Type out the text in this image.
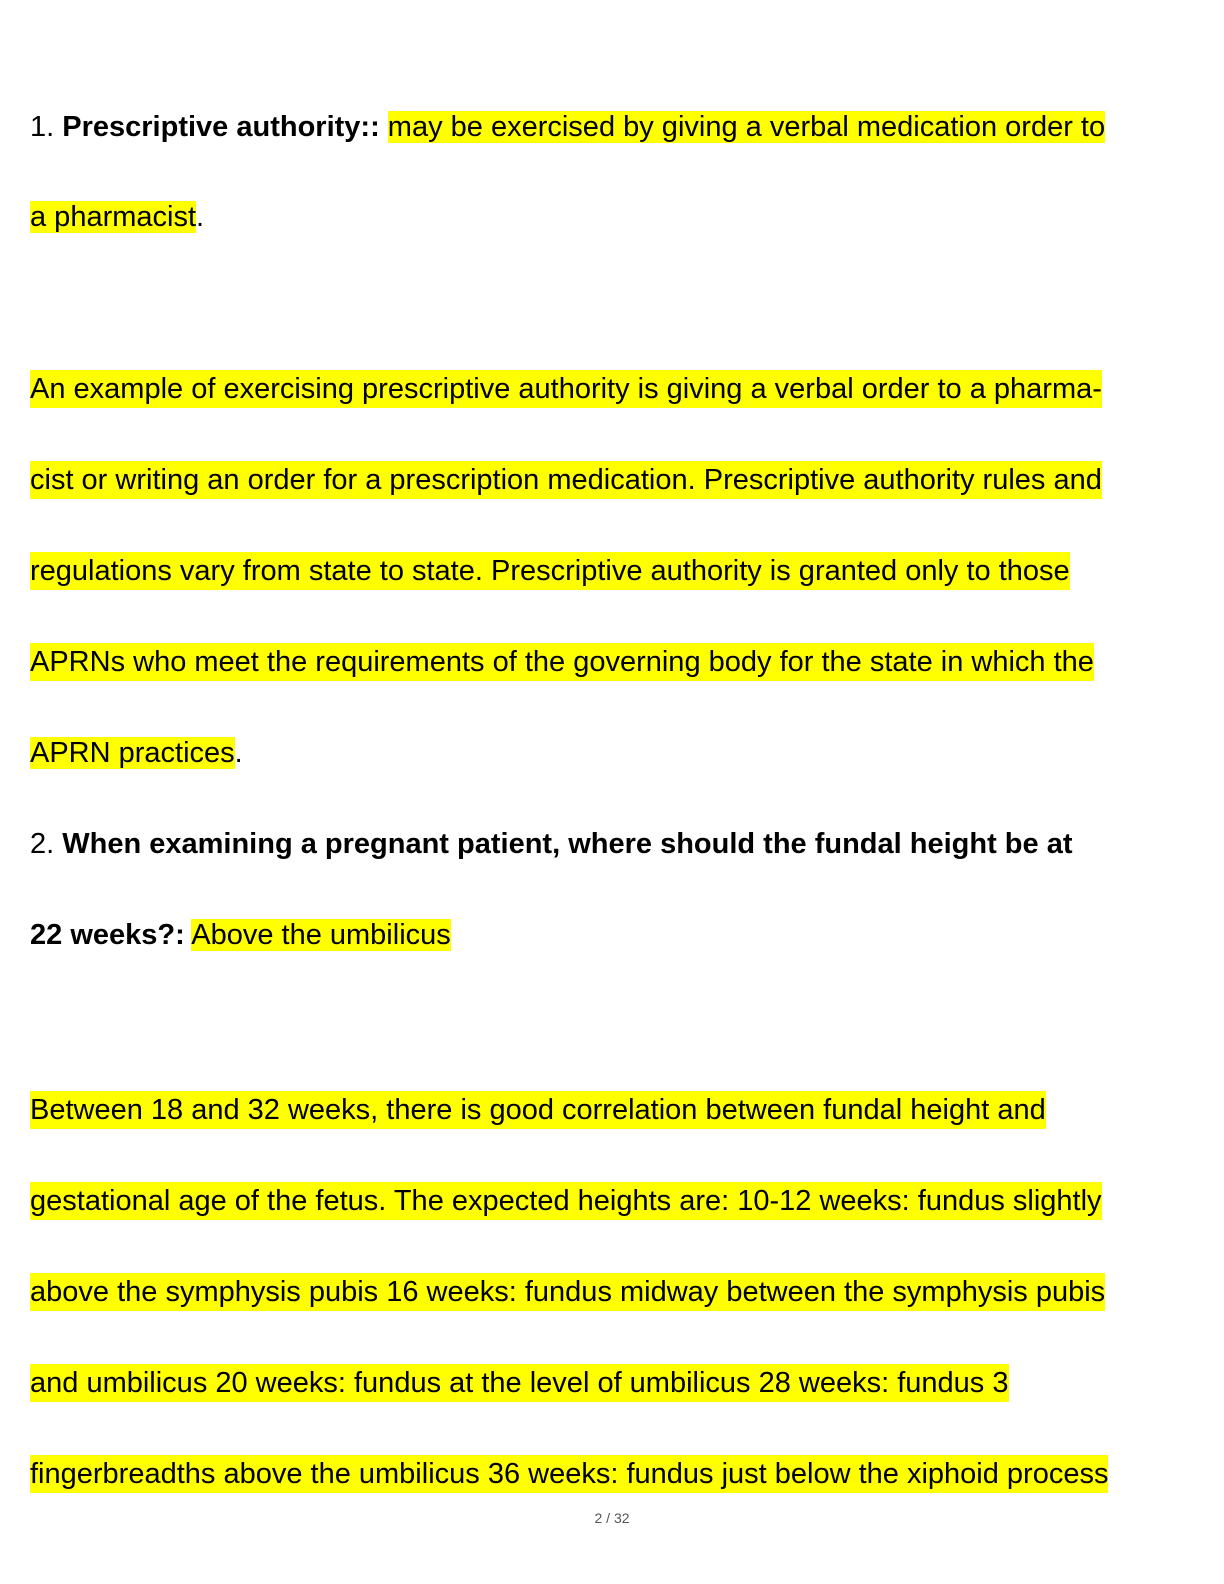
1. Prescriptive authority:: may be exercised by giving a verbal medication order to

a pharmacist.

An example of exercising prescriptive authority is giving a verbal order to a pharma-

cist or writing an order for a prescription medication. Prescriptive authority rules and

regulations vary from state to state. Prescriptive authority is granted only to those

APRNs who meet the requirements of the governing body for the state in which the

APRN practices.

2. When examining a pregnant patient, where should the fundal height be at

22 weeks?: Above the umbilicus

Between 18 and 32 weeks, there is good correlation between fundal height and

gestational age of the fetus. The expected heights are: 10-12 weeks: fundus slightly

above the symphysis pubis 16 weeks: fundus midway between the symphysis pubis

and umbilicus 20 weeks: fundus at the level of umbilicus 28 weeks: fundus 3

fingerbreadths above the umbilicus 36 weeks: fundus just below the xiphoid process

2 / 32
